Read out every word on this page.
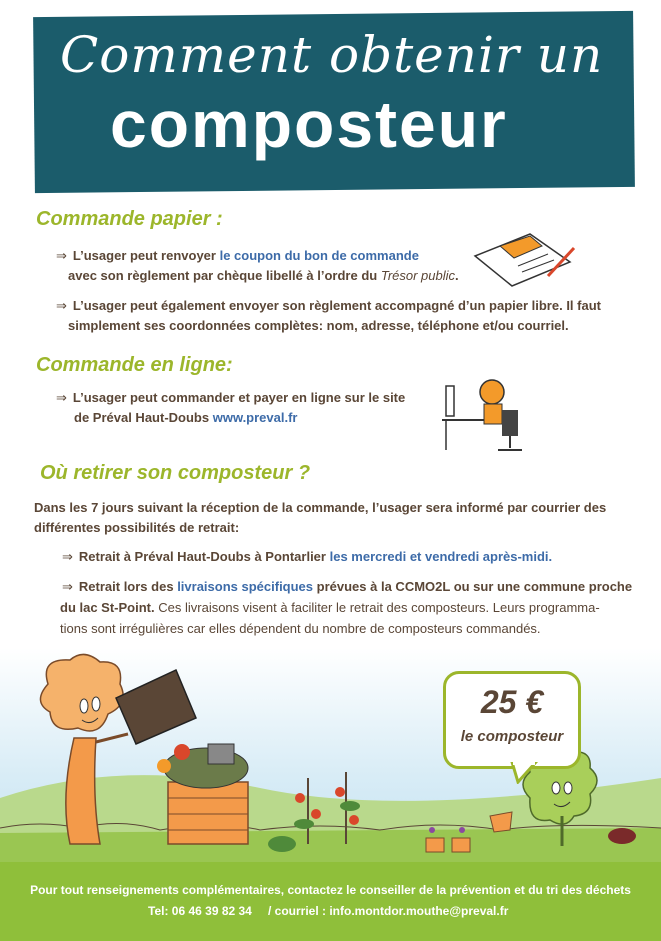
Comment obtenir un
composteur
Commande papier :
⇒ L’usager peut renvoyer le coupon du bon de commande
avec son règlement par chèque libellé à l’ordre du Trésor public.
⇒ L’usager peut également envoyer son règlement accompagné d’un papier libre. Il faut
simplement ses coordonnées complètes: nom, adresse, téléphone et/ou courriel.
Commande en ligne:
⇒ L’usager peut commander et payer en ligne sur le site
de Préval Haut-Doubs www.preval.fr
Où retirer son composteur ?
Dans les 7 jours suivant la réception de la commande, l’usager sera informé par courrier des
différentes possibilités de retrait:
⇒ Retrait à Préval Haut-Doubs à Pontarlier les mercredi et vendredi après-midi.
⇒ Retrait lors des livraisons spécifiques prévues à la CCMO2L ou sur une commune proche
du lac St-Point. Ces livraisons visent à faciliter le retrait des composteurs. Leurs programma-
tions sont irrégulières car elles dépendent du nombre de composteurs commandés.
25 €
le composteur
Pour tout renseignements complémentaires, contactez le conseiller de la prévention et du tri des déchets
Tel: 06 46 39 82 34 / courriel : info.montdor.mouthe@preval.fr
